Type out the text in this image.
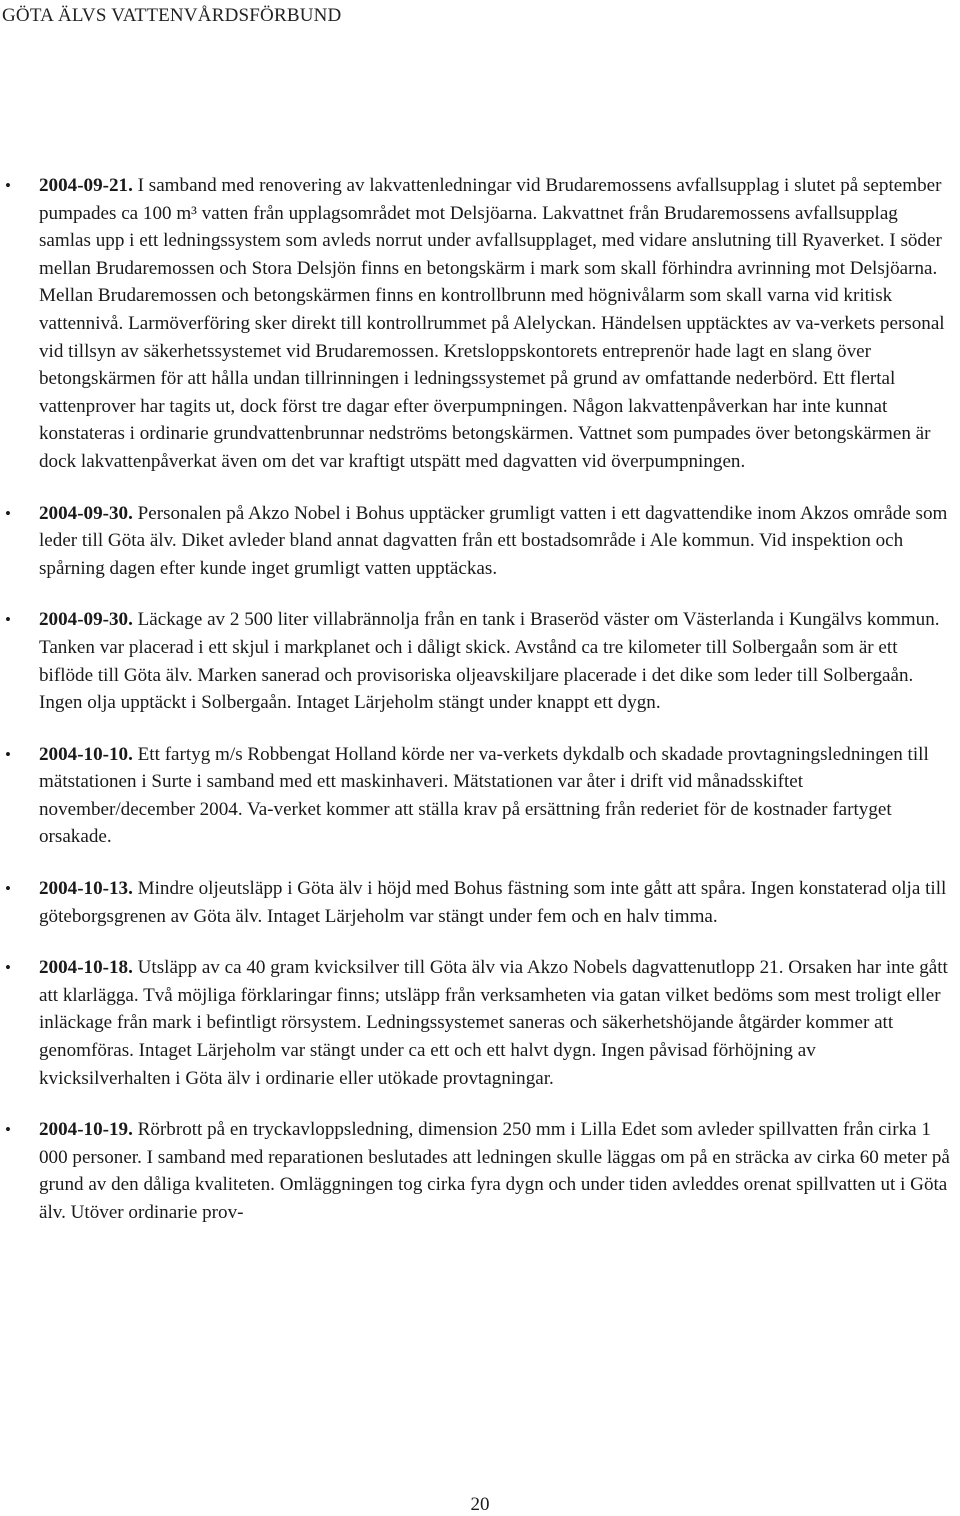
GÖTA ÄLVS VATTENVÅRDSFÖRBUND
• 2004-09-21. I samband med renovering av lakvattenledningar vid Brudaremossens avfallsupplag i slutet på september pumpades ca 100 m³ vatten från upplagsområdet mot Delsjöarna. Lakvattnet från Brudaremossens avfallsupplag samlas upp i ett ledningssystem som avleds norrut under avfallsupplaget, med vidare anslutning till Ryaverket. I söder mellan Brudaremossen och Stora Delsjön finns en betongskärm i mark som skall förhindra avrinning mot Delsjöarna. Mellan Brudaremossen och betongskärmen finns en kontrollbrunn med högnivålarm som skall varna vid kritisk vattennivå. Larmöverföring sker direkt till kontrollrummet på Alelyckan. Händelsen upptäcktes av va-verkets personal vid tillsyn av säkerhetssystemet vid Brudaremossen. Kretsloppskontorets entreprenör hade lagt en slang över betongskärmen för att hålla undan tillrinningen i ledningssystemet på grund av omfattande nederbörd. Ett flertal vattenprover har tagits ut, dock först tre dagar efter överpumpningen. Någon lakvattenpåverkan har inte kunnat konstateras i ordinarie grundvattenbrunnar nedströms betongskärmen. Vattnet som pumpades över betongskärmen är dock lakvattenpåverkat även om det var kraftigt utspätt med dagvatten vid överpumpningen.
• 2004-09-30. Personalen på Akzo Nobel i Bohus upptäcker grumligt vatten i ett dagvattendike inom Akzos område som leder till Göta älv. Diket avleder bland annat dagvatten från ett bostadsområde i Ale kommun. Vid inspektion och spårning dagen efter kunde inget grumligt vatten upptäckas.
• 2004-09-30. Läckage av 2 500 liter villabrännolja från en tank i Braseröd väster om Västerlanda i Kungälvs kommun. Tanken var placerad i ett skjul i markplanet och i dåligt skick. Avstånd ca tre kilometer till Solbergaån som är ett biflöde till Göta älv. Marken sanerad och provisoriska oljeavskiljare placerade i det dike som leder till Solbergaån. Ingen olja upptäckt i Solbergaån. Intaget Lärjeholm stängt under knappt ett dygn.
• 2004-10-10. Ett fartyg m/s Robbengat Holland körde ner va-verkets dykdalb och skadade provtagningsledningen till mätstationen i Surte i samband med ett maskinhaveri. Mätstationen var åter i drift vid månadsskiftet november/december 2004. Va-verket kommer att ställa krav på ersättning från rederiet för de kostnader fartyget orsakade.
• 2004-10-13. Mindre oljeutsläpp i Göta älv i höjd med Bohus fästning som inte gått att spåra. Ingen konstaterad olja till göteborgsgrenen av Göta älv. Intaget Lärjeholm var stängt under fem och en halv timma.
• 2004-10-18. Utsläpp av ca 40 gram kvicksilver till Göta älv via Akzo Nobels dagvattenutlopp 21. Orsaken har inte gått att klarlägga. Två möjliga förklaringar finns; utsläpp från verksamheten via gatan vilket bedöms som mest troligt eller inläckage från mark i befintligt rörsystem. Ledningssystemet saneras och säkerhetshöjande åtgärder kommer att genomföras. Intaget Lärjeholm var stängt under ca ett och ett halvt dygn. Ingen påvisad förhöjning av kvicksilverhalten i Göta älv i ordinarie eller utökade provtagningar.
• 2004-10-19. Rörbrott på en tryckavloppsledning, dimension 250 mm i Lilla Edet som avleder spillvatten från cirka 1 000 personer. I samband med reparationen beslutades att ledningen skulle läggas om på en sträcka av cirka 60 meter på grund av den dåliga kvaliteten. Omläggningen tog cirka fyra dygn och under tiden avleddes orenat spillvatten ut i Göta älv. Utöver ordinarie prov-
20
